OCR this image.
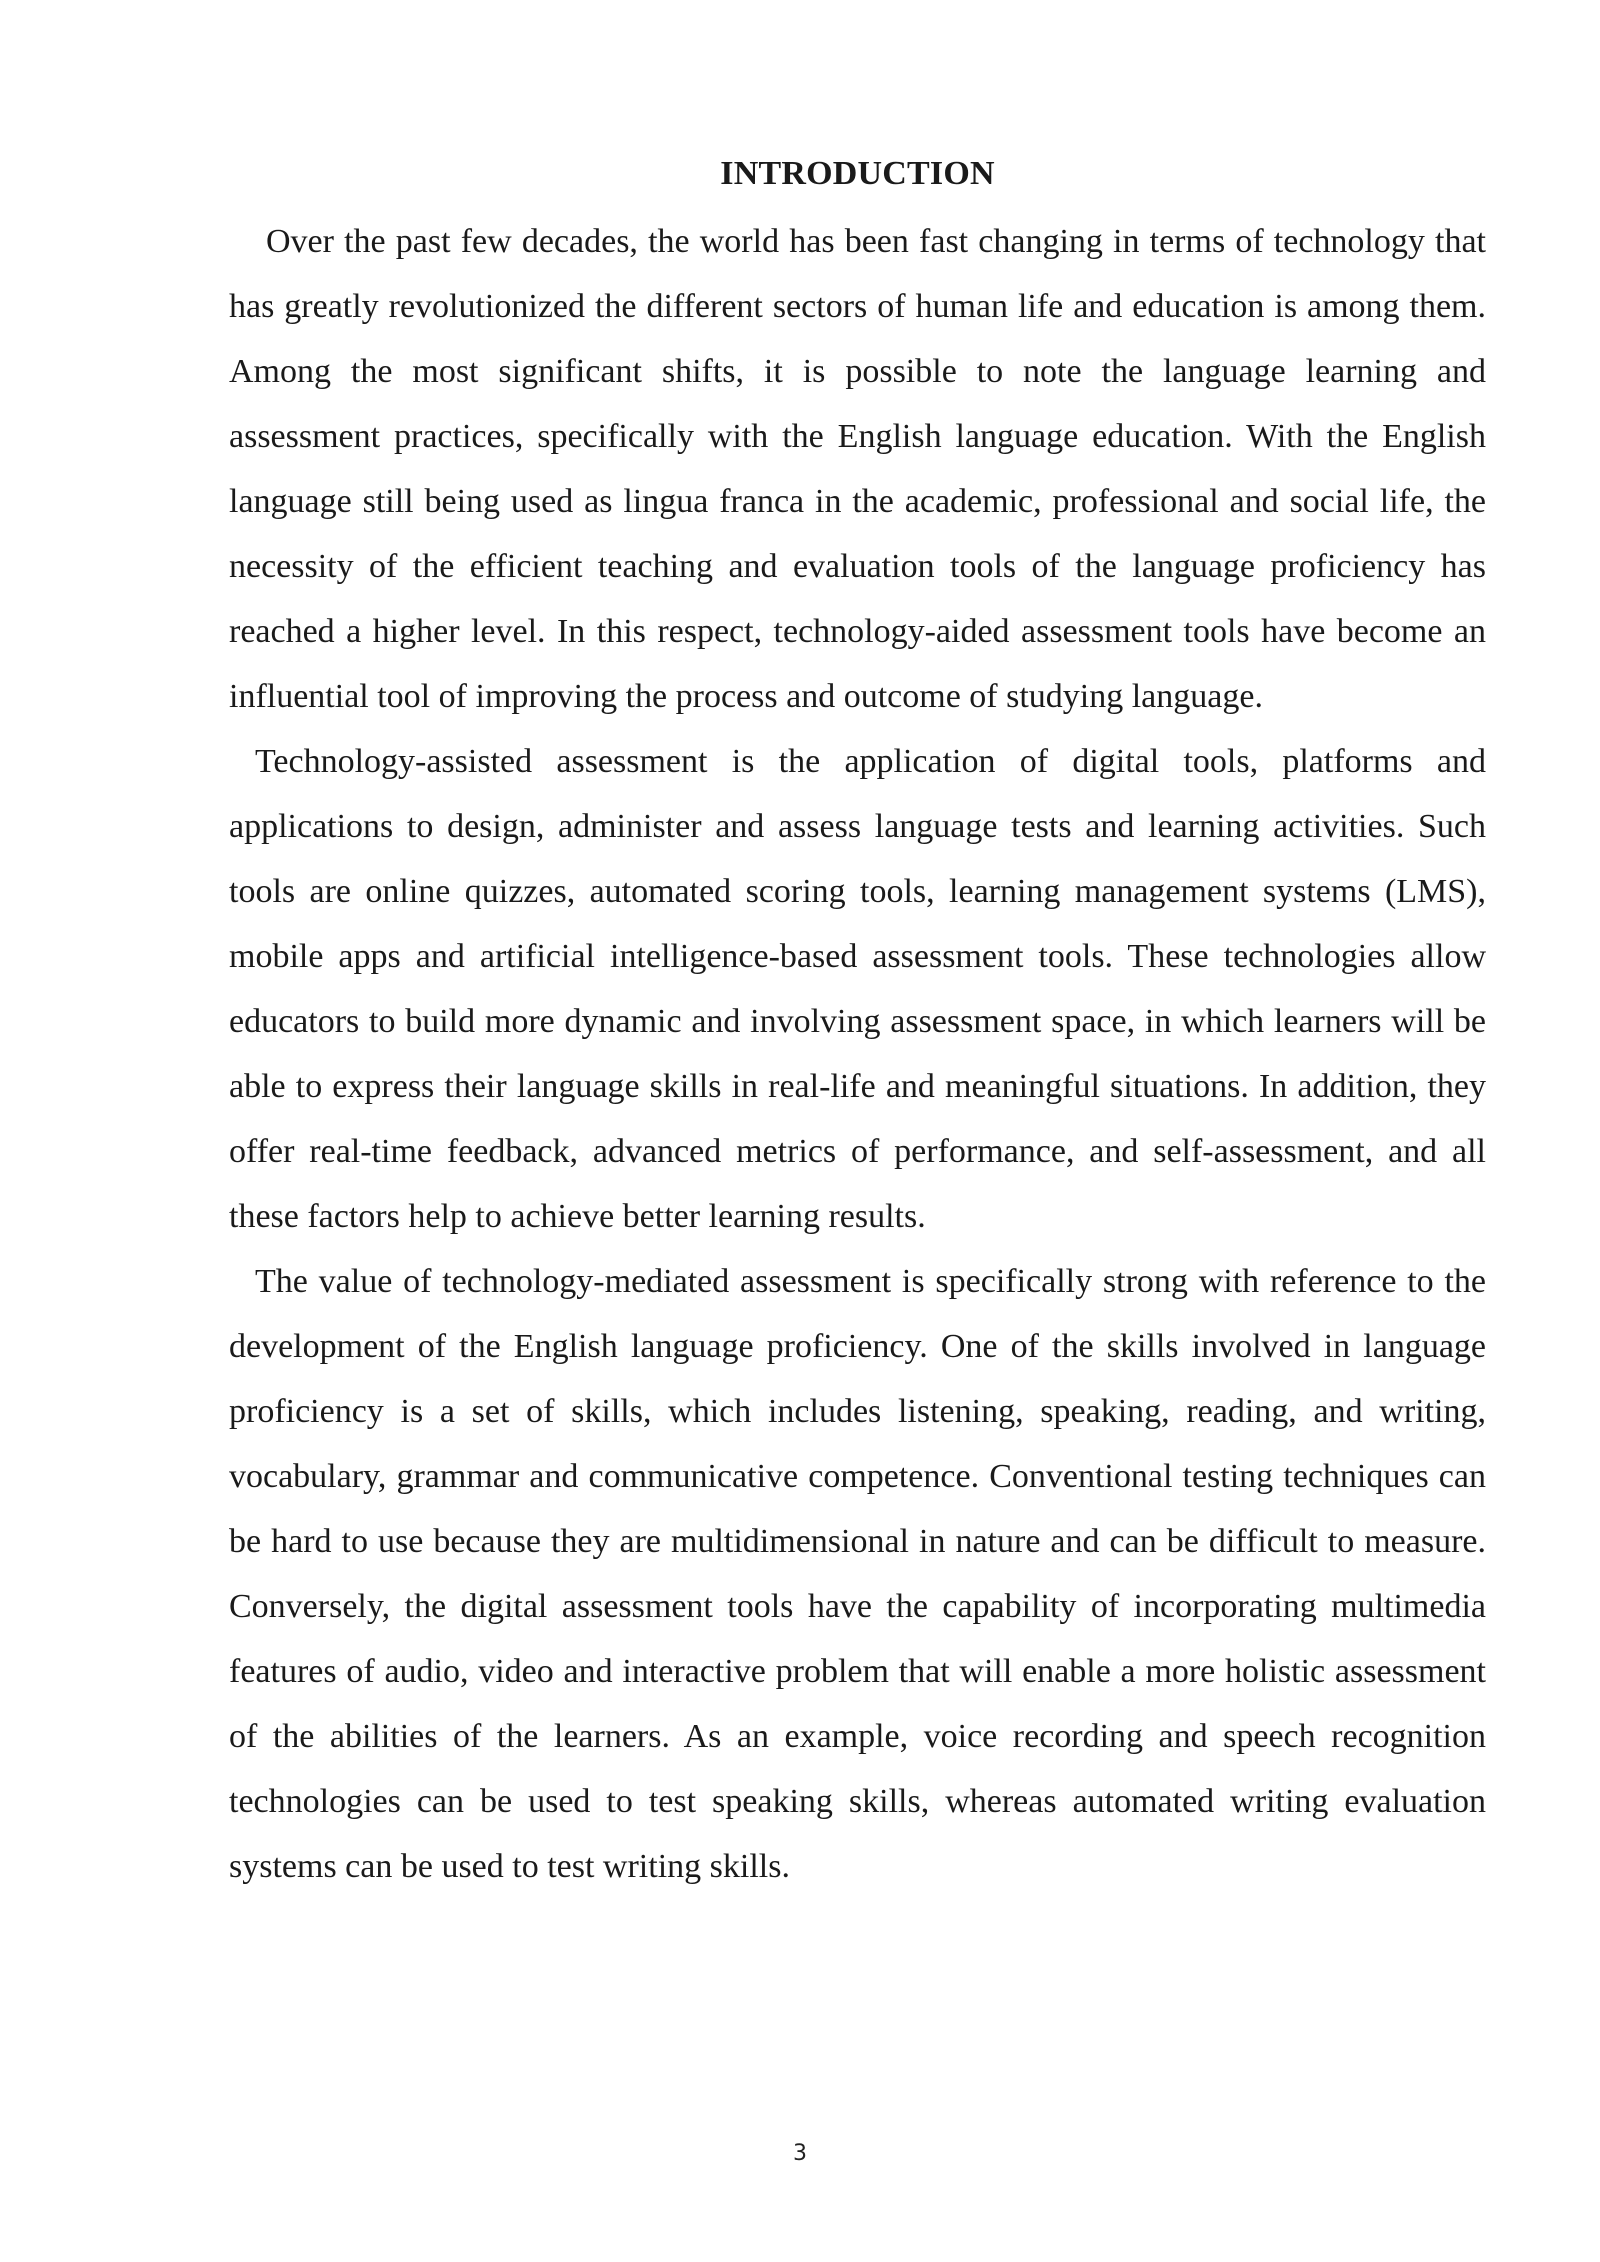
INTRODUCTION

Over the past few decades, the world has been fast changing in terms of technology that has greatly revolutionized the different sectors of human life and education is among them. Among the most significant shifts, it is possible to note the language learning and assessment practices, specifically with the English language education. With the English language still being used as lingua franca in the academic, professional and social life, the necessity of the efficient teaching and evaluation tools of the language proficiency has reached a higher level. In this respect, technology-aided assessment tools have become an influential tool of improving the process and outcome of studying language.

Technology-assisted assessment is the application of digital tools, platforms and applications to design, administer and assess language tests and learning activities. Such tools are online quizzes, automated scoring tools, learning management systems (LMS), mobile apps and artificial intelligence-based assessment tools. These technologies allow educators to build more dynamic and involving assessment space, in which learners will be able to express their language skills in real-life and meaningful situations. In addition, they offer real-time feedback, advanced metrics of performance, and self-assessment, and all these factors help to achieve better learning results.

The value of technology-mediated assessment is specifically strong with reference to the development of the English language proficiency. One of the skills involved in language proficiency is a set of skills, which includes listening, speaking, reading, and writing, vocabulary, grammar and communicative competence. Conventional testing techniques can be hard to use because they are multidimensional in nature and can be difficult to measure. Conversely, the digital assessment tools have the capability of incorporating multimedia features of audio, video and interactive problem that will enable a more holistic assessment of the abilities of the learners. As an example, voice recording and speech recognition technologies can be used to test speaking skills, whereas automated writing evaluation systems can be used to test writing skills.

3
